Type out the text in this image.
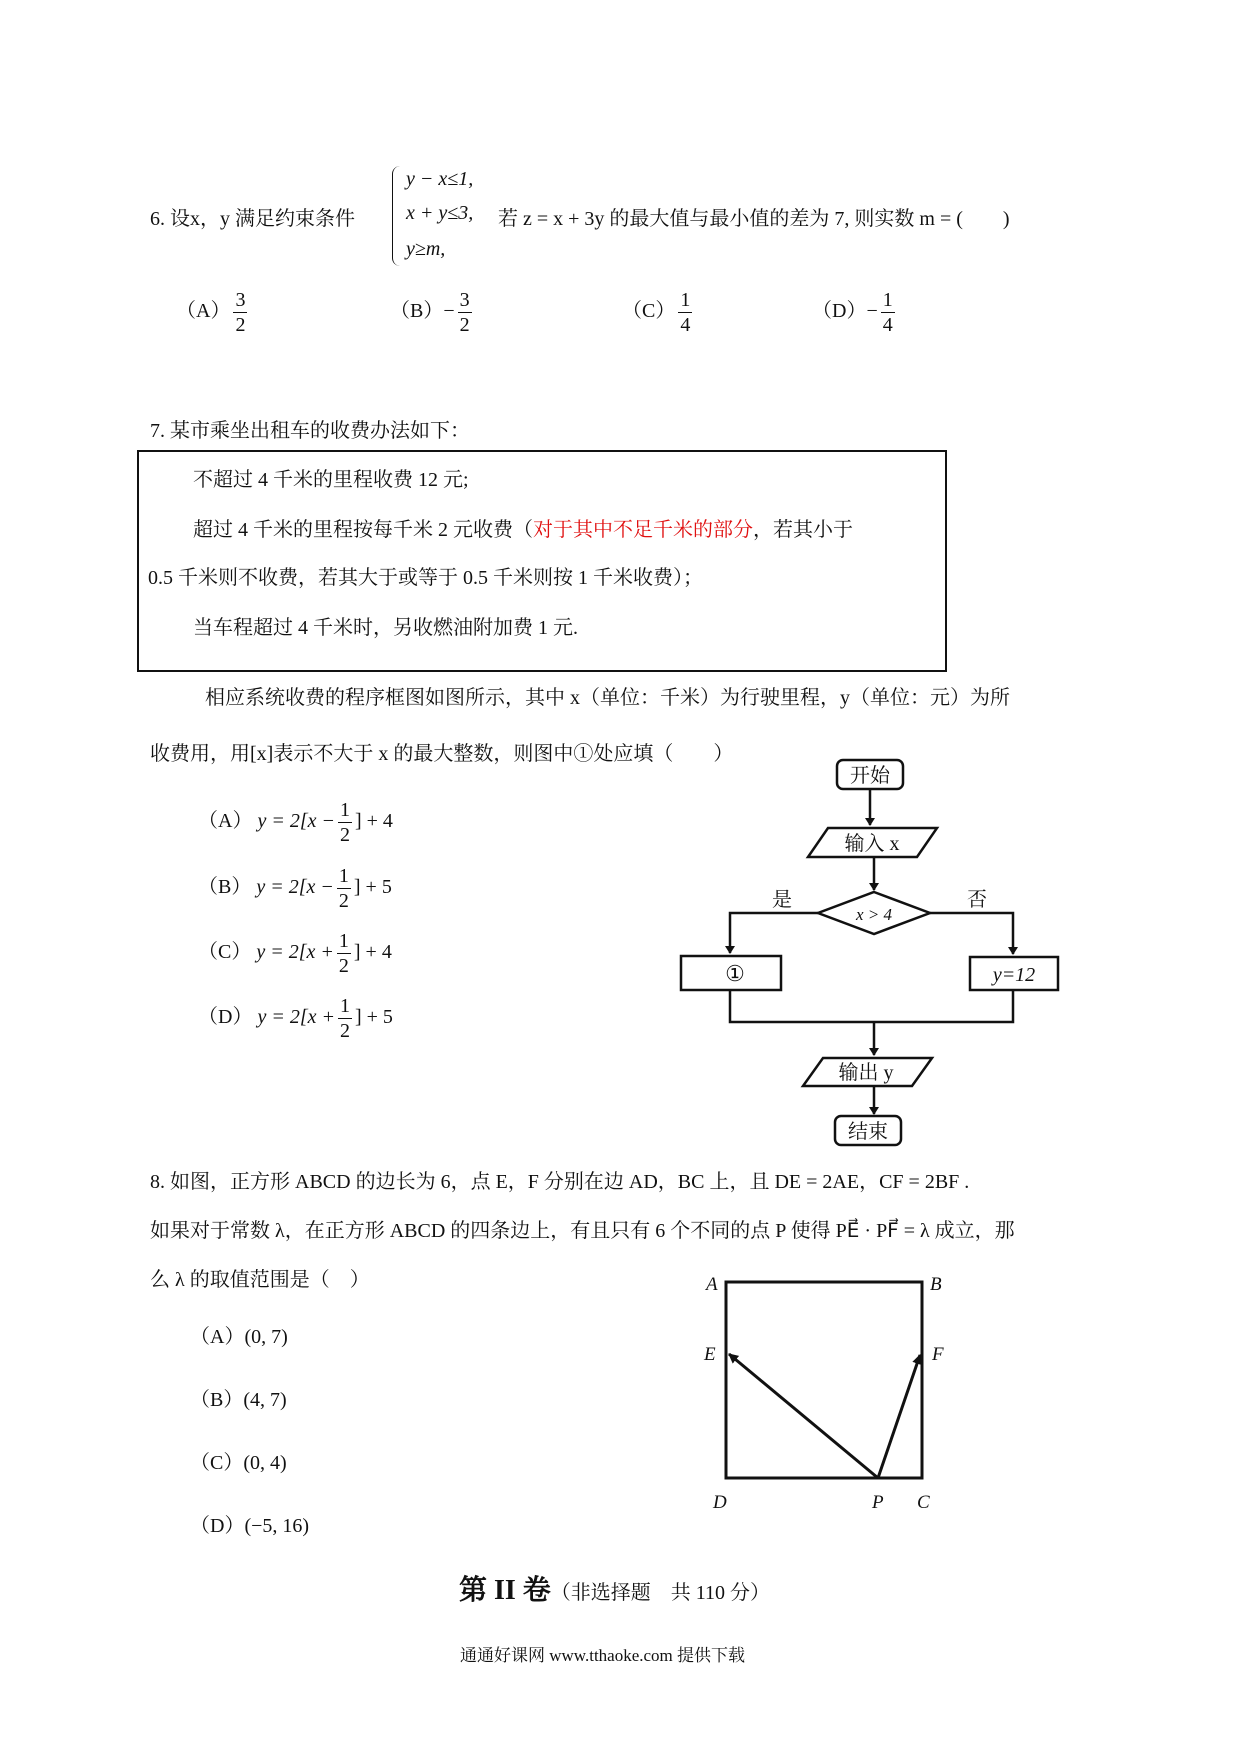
6. 设x，y 满足约束条件
y − x≤1,
x + y≤3,
y≥m,
若 z = x + 3y 的最大值与最小值的差为 7, 则实数 m = (　　)
$(A) \frac{3}{2}$	$(B)- \frac{3}{2}$	$(C) \frac{1}{4}$	$(D)- \frac{1}{4}$
7. 某市乘坐出租车的收费办法如下：
不超过 4 千米的里程收费 12 元;
超过 4 千米的里程按每千米 2 元收费（对于其中不足千米的部分，若其小于
0.5 千米则不收费，若其大于或等于 0.5 千米则按 1 千米收费）；
当车程超过 4 千米时，另收燃油附加费 1 元.
相应系统收费的程序框图如图所示，其中 x（单位：千米）为行驶里程，y（单位：元）为所
收费用，用[x]表示不大于 x 的最大整数，则图中①处应填（　　）
（A） $y = 2[x - \frac{1}{2}$ ] + 4
（B） $y = 2[x - \frac{1}{2}$ ] + 5
（C） $y = 2[x + \frac{1}{2}$ ] + 4
（D） $y = 2[x + \frac{1}{2}$ ] + 5
开始
输入 x
x > 4
是	否
①	y=12
输出 y
结束
8. 如图，正方形 ABCD 的边长为 6，点 E，F 分别在边 AD，BC 上，且 DE = 2AE，CF = 2BF .
如果对于常数 λ，在正方形 ABCD 的四条边上，有且只有 6 个不同的点 P 使得 PE⃗ · PF⃗ = λ 成立，那
么 λ 的取值范围是（　）
（A）(0, 7)
（B）(4, 7)
（C）(0, 4)
（D）(−5, 16)
A	B
E	F
D	P C
第 II 卷（非选择题　共 110 分）
通通好课网 www.tthaoke.com 提供下载
